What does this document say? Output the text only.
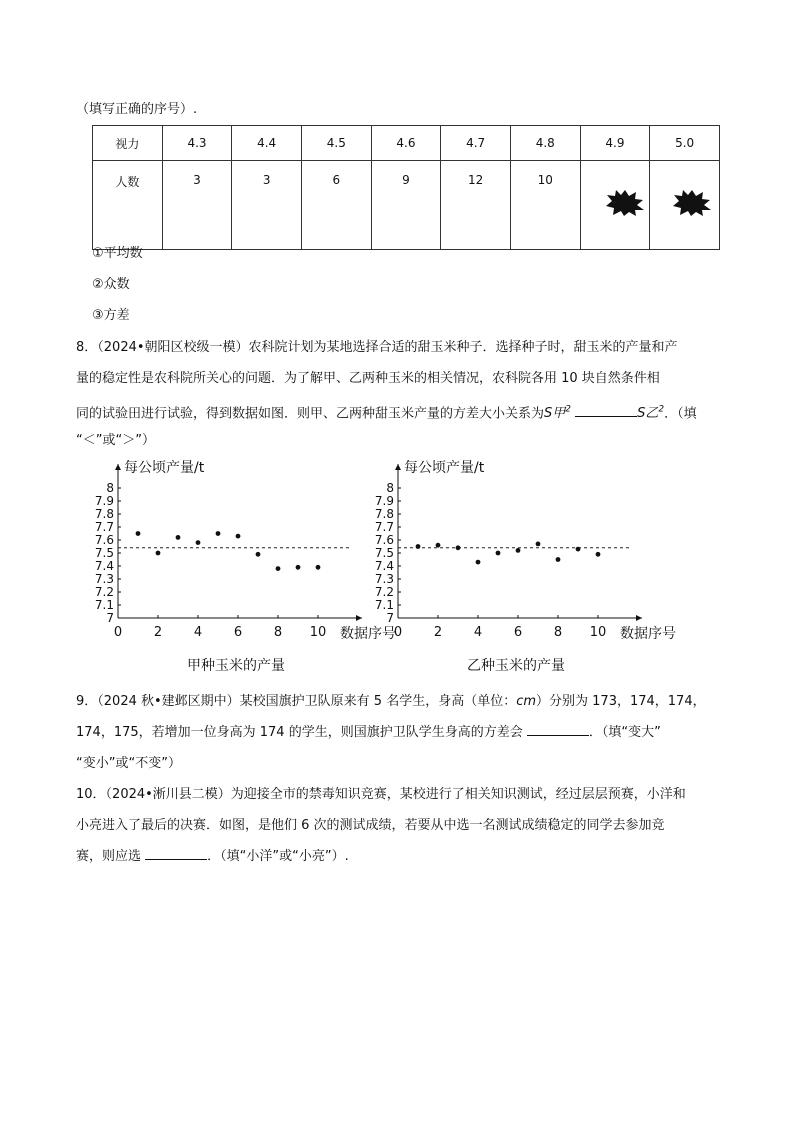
（填写正确的序号）.
视力	4.3	4.4	4.5	4.6	4.7	4.8	4.9	5.0
人数	3	3	6	9	12	10	

①平均数
②众数
③方差
8．（2024•朝阳区校级一模）农科院计划为某地选择合适的甜玉米种子．选择种子时，甜玉米的产量和产
量的稳定性是农科院所关心的问题．为了解甲、乙两种玉米的相关情况，农科院各用 10 块自然条件相
同的试验田进行试验，得到数据如图．则甲、乙两种甜玉米产量的方差大小关系为S甲$^2$	S乙$^2$．（填
“＜”或“＞”）
每公顷产量/t
数据序号
7
7.1
7.2
7.3
7.4
7.5
7.6
7.7
7.8
7.9
8
0 2 4 6 8 10
甲种玉米的产量
每公顷产量/t
数据序号
7
7.1
7.2
7.3
7.4
7.5
7.6
7.7
7.8
7.9
8
0 2 4 6 8 10
乙种玉米的产量
9．（2024 秋•建邺区期中）某校国旗护卫队原来有 5 名学生，身高（单位：cm）分别为 173，174，174，
174，175，若增加一位身高为 174 的学生，则国旗护卫队学生身高的方差会	．（填“变大”
“变小”或“不变”）
10．（2024•淅川县二模）为迎接全市的禁毒知识竞赛，某校进行了相关知识测试，经过层层预赛，小洋和
小亮进入了最后的决赛．如图，是他们 6 次的测试成绩，若要从中选一名测试成绩稳定的同学去参加竞
赛，则应选	．（填“小洋”或“小亮”）.
